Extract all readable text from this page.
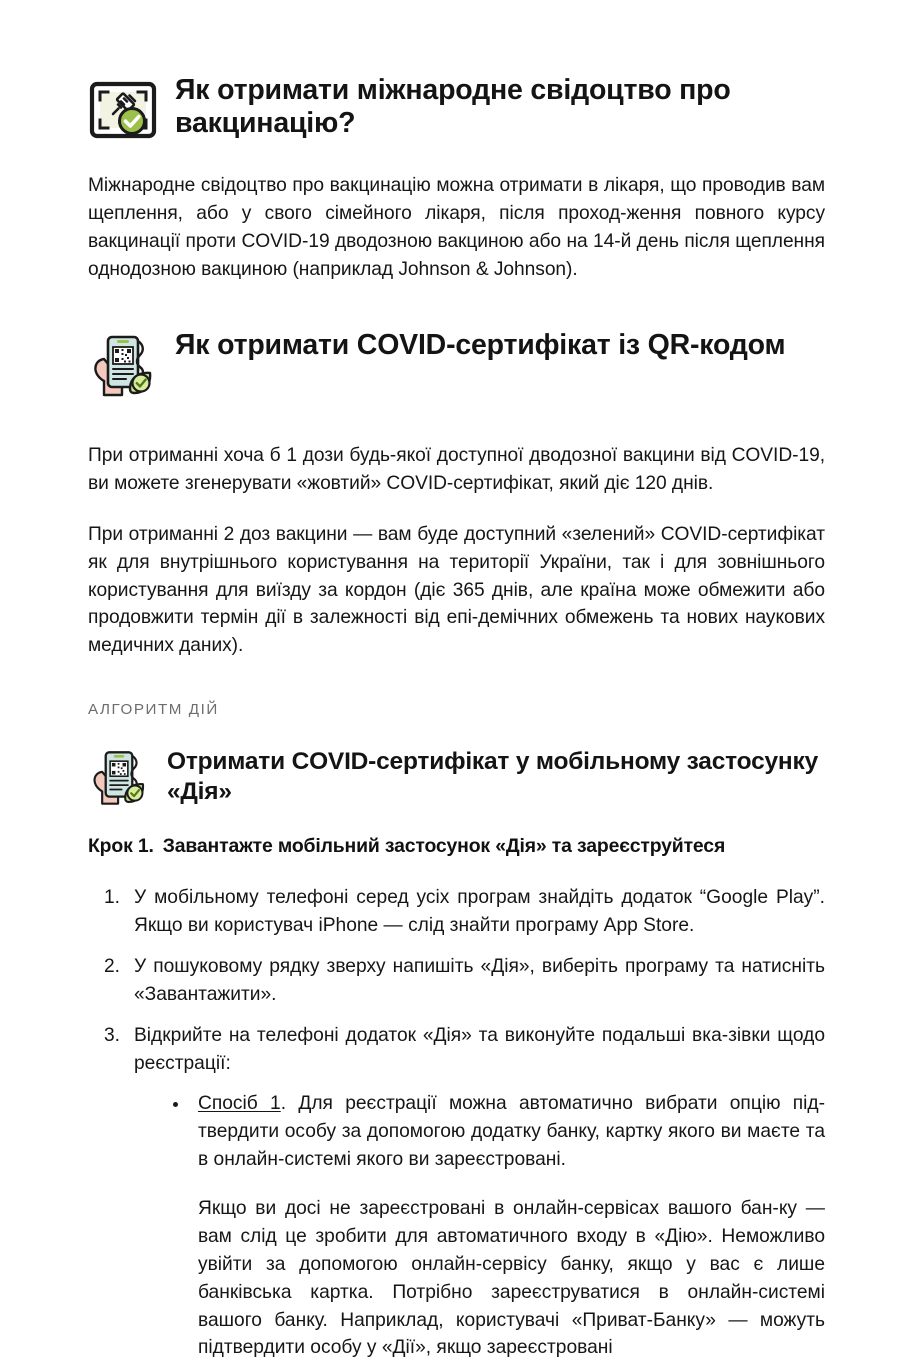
Як отримати міжнародне свідоцтво про вакцинацію?

Міжнародне свідоцтво про вакцинацію можна отримати в лікаря, що проводив вам щеплення, або у свого сімейного лікаря, після проход-ження повного курсу вакцинації проти COVID-19 дводозною вакциною або на 14-й день після щеплення однодозною вакциною (наприклад Johnson & Johnson).

Як отримати COVID-сертифікат із QR-кодом

При отриманні хоча б 1 дози будь-якої доступної дводозної вакцини від COVID-19, ви можете згенерувати «жовтий» COVID-сертифікат, який діє 120 днів.

При отриманні 2 доз вакцини — вам буде доступний «зелений» COVID-сертифікат як для внутрішнього користування на території України, так і для зовнішнього користування для виїзду за кордон (діє 365 днів, але країна може обмежити або продовжити термін дії в залежності від епі-демічних обмежень та нових наукових медичних даних).

АЛГОРИТМ ДІЙ

Отримати COVID-сертифікат у мобільному застосунку «Дія»

Крок 1. Завантажте мобільний застосунок «Дія» та зареєструйтеся

1. У мобільному телефоні серед усіх програм знайдіть додаток “Google Play”. Якщо ви користувач iPhone — слід знайти програму App Store.
2. У пошуковому рядку зверху напишіть «Дія», виберіть програму та натисніть «Завантажити».
3. Відкрийте на телефоні додаток «Дія» та виконуйте подальші вка-зівки щодо реєстрації:
Спосіб 1. Для реєстрації можна автоматично вибрати опцію під-твердити особу за допомогою додатку банку, картку якого ви маєте та в онлайн-системі якого ви зареєстровані.

Якщо ви досі не зареєстровані в онлайн-сервісах вашого бан-ку — вам слід це зробити для автоматичного входу в «Дію». Неможливо увійти за допомогою онлайн-сервісу банку, якщо у вас є лише банківська картка. Потрібно зареєструватися в онлайн-системі вашого банку. Наприклад, користувачі «Приват-Банку» — можуть підтвердити особу у «Дії», якщо зареєстровані
